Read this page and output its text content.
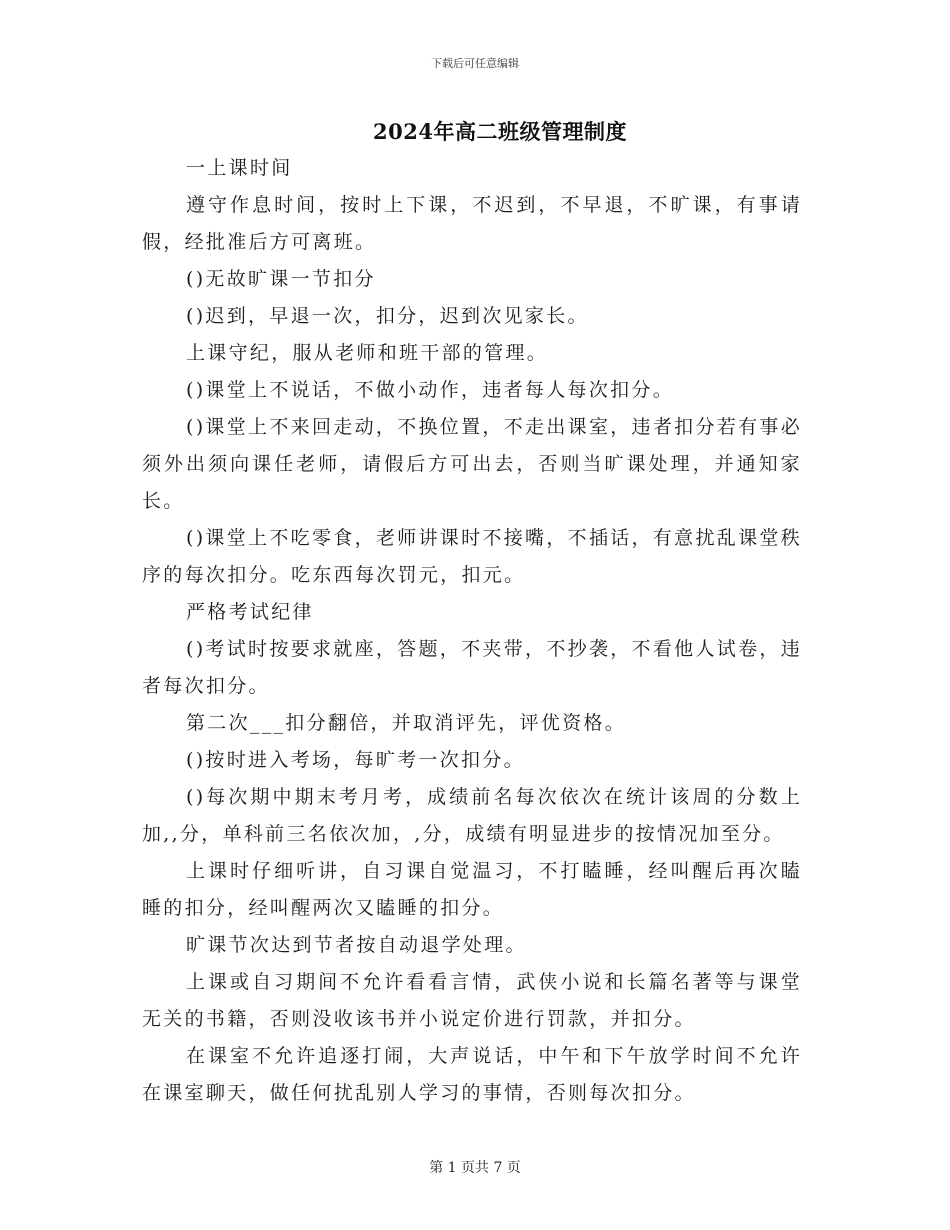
下载后可任意编辑
2024年高二班级管理制度

一上课时间

遵守作息时间，按时上下课，不迟到，不早退，不旷课，有事请假，经批准后方可离班。

()无故旷课一节扣分

()迟到，早退一次，扣分，迟到次见家长。

上课守纪，服从老师和班干部的管理。

()课堂上不说话，不做小动作，违者每人每次扣分。

()课堂上不来回走动，不换位置，不走出课室，违者扣分若有事必须外出须向课任老师，请假后方可出去，否则当旷课处理，并通知家长。

()课堂上不吃零食，老师讲课时不接嘴，不插话，有意扰乱课堂秩序的每次扣分。吃东西每次罚元，扣元。

严格考试纪律

()考试时按要求就座，答题，不夹带，不抄袭，不看他人试卷，违者每次扣分。

第二次___扣分翻倍，并取消评先，评优资格。

()按时进入考场，每旷考一次扣分。

()每次期中期末考月考，成绩前名每次依次在统计该周的分数上加,,分，单科前三名依次加，,分，成绩有明显进步的按情况加至分。

上课时仔细听讲，自习课自觉温习，不打瞌睡，经叫醒后再次瞌睡的扣分，经叫醒两次又瞌睡的扣分。

旷课节次达到节者按自动退学处理。

上课或自习期间不允许看看言情，武侠小说和长篇名著等与课堂无关的书籍，否则没收该书并小说定价进行罚款，并扣分。

在课室不允许追逐打闹，大声说话，中午和下午放学时间不允许在课室聊天，做任何扰乱别人学习的事情，否则每次扣分。

第 1 页共 7 页
